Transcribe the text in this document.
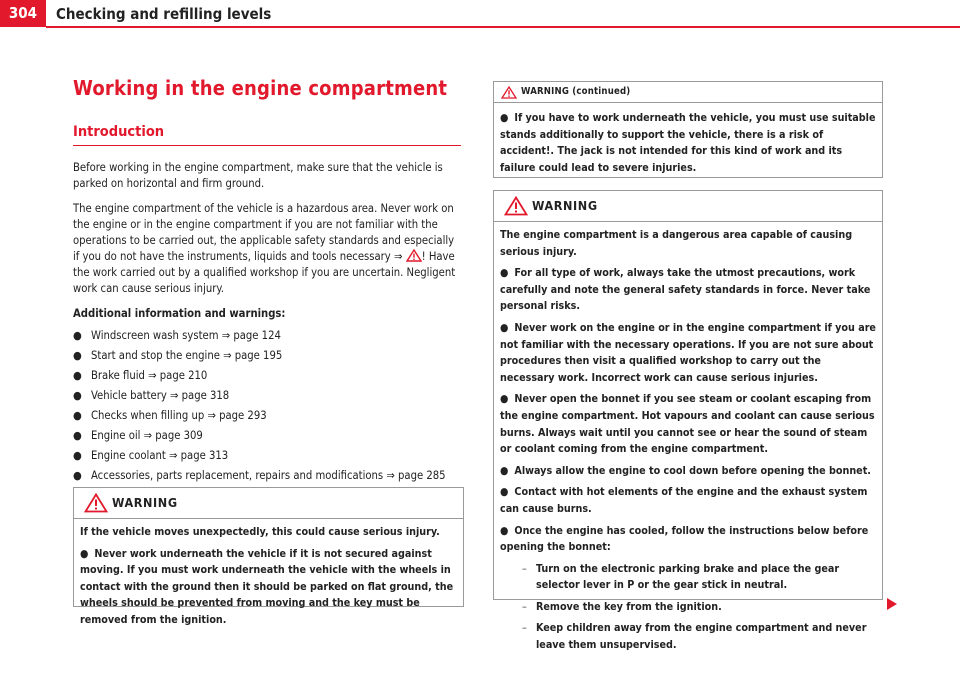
304	Checking and refilling levels
Working in the engine compartment
Introduction

Before working in the engine compartment, make sure that the vehicle is parked on horizontal and firm ground.

The engine compartment of the vehicle is a hazardous area. Never work on the engine or in the engine compartment if you are not familiar with the operations to be carried out, the applicable safety standards and especially if you do not have the instruments, liquids and tools necessary ⇒ ! Have the work carried out by a qualified workshop if you are uncertain. Negligent work can cause serious injury.

Additional information and warnings:

● Windscreen wash system ⇒ page 124
● Start and stop the engine ⇒ page 195
● Brake fluid ⇒ page 210
● Vehicle battery ⇒ page 318
● Checks when filling up ⇒ page 293
● Engine oil ⇒ page 309
● Engine coolant ⇒ page 313
● Accessories, parts replacement, repairs and modifications ⇒ page 285
WARNING

If the vehicle moves unexpectedly, this could cause serious injury.

● Never work underneath the vehicle if it is not secured against moving. If you must work underneath the vehicle with the wheels in contact with the ground then it should be parked on flat ground, the wheels should be prevented from moving and the key must be removed from the ignition.
WARNING (continued)
● If you have to work underneath the vehicle, you must use suitable stands additionally to support the vehicle, there is a risk of accident!. The jack is not intended for this kind of work and its failure could lead to severe injuries.
WARNING

The engine compartment is a dangerous area capable of causing serious injury.

● For all type of work, always take the utmost precautions, work carefully and note the general safety standards in force. Never take personal risks.
● Never work on the engine or in the engine compartment if you are not familiar with the necessary operations. If you are not sure about procedures then visit a qualified workshop to carry out the necessary work. Incorrect work can cause serious injuries.
● Never open the bonnet if you see steam or coolant escaping from the engine compartment. Hot vapours and coolant can cause serious burns. Always wait until you cannot see or hear the sound of steam or coolant coming from the engine compartment.
● Always allow the engine to cool down before opening the bonnet.
● Contact with hot elements of the engine and the exhaust system can cause burns.
● Once the engine has cooled, follow the instructions below before opening the bonnet:
– Turn on the electronic parking brake and place the gear selector lever in P or the gear stick in neutral.
– Remove the key from the ignition.
– Keep children away from the engine compartment and never leave them unsupervised.
